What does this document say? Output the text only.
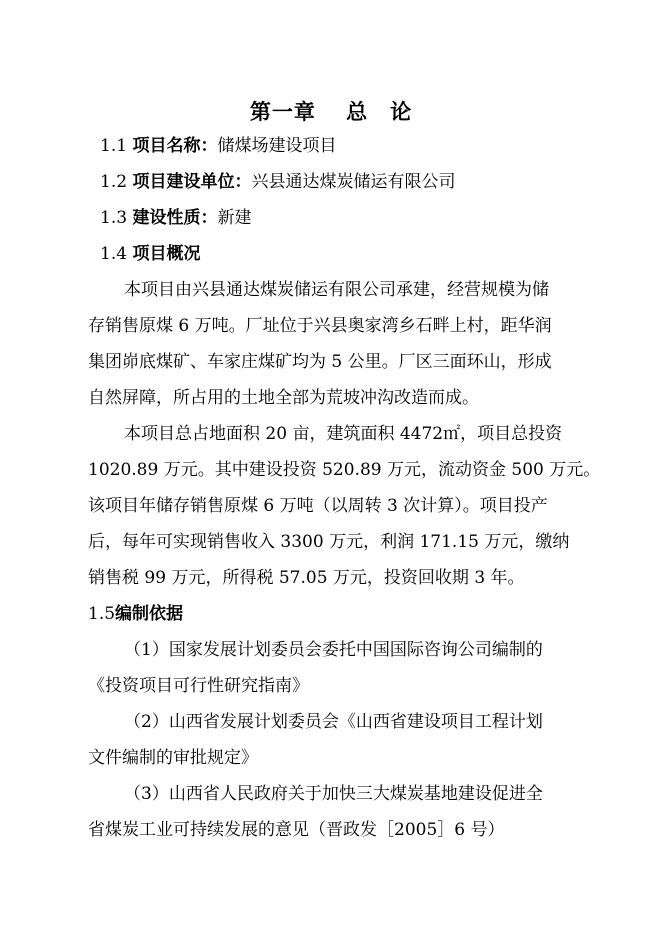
第一章　 总　论
1.1 项目名称：储煤场建设项目
1.2 项目建设单位：兴县通达煤炭储运有限公司
1.3 建设性质：新建
1.4 项目概况
本项目由兴县通达煤炭储运有限公司承建，经营规模为储
存销售原煤 6 万吨。厂址位于兴县奥家湾乡石畔上村，距华润
集团峁底煤矿、车家庄煤矿均为 5 公里。厂区三面环山，形成
自然屏障，所占用的土地全部为荒坡冲沟改造而成。
本项目总占地面积 20 亩，建筑面积 4472㎡，项目总投资
1020.89 万元。其中建设投资 520.89 万元，流动资金 500 万元。
该项目年储存销售原煤 6 万吨（以周转 3 次计算）。项目投产
后，每年可实现销售收入 3300 万元，利润 171.15 万元，缴纳
销售税 99 万元，所得税 57.05 万元，投资回收期 3 年。
1.5编制依据
（1）国家发展计划委员会委托中国国际咨询公司编制的
《投资项目可行性研究指南》
（2）山西省发展计划委员会《山西省建设项目工程计划
文件编制的审批规定》
（3）山西省人民政府关于加快三大煤炭基地建设促进全
省煤炭工业可持续发展的意见（晋政发［2005］6 号）
